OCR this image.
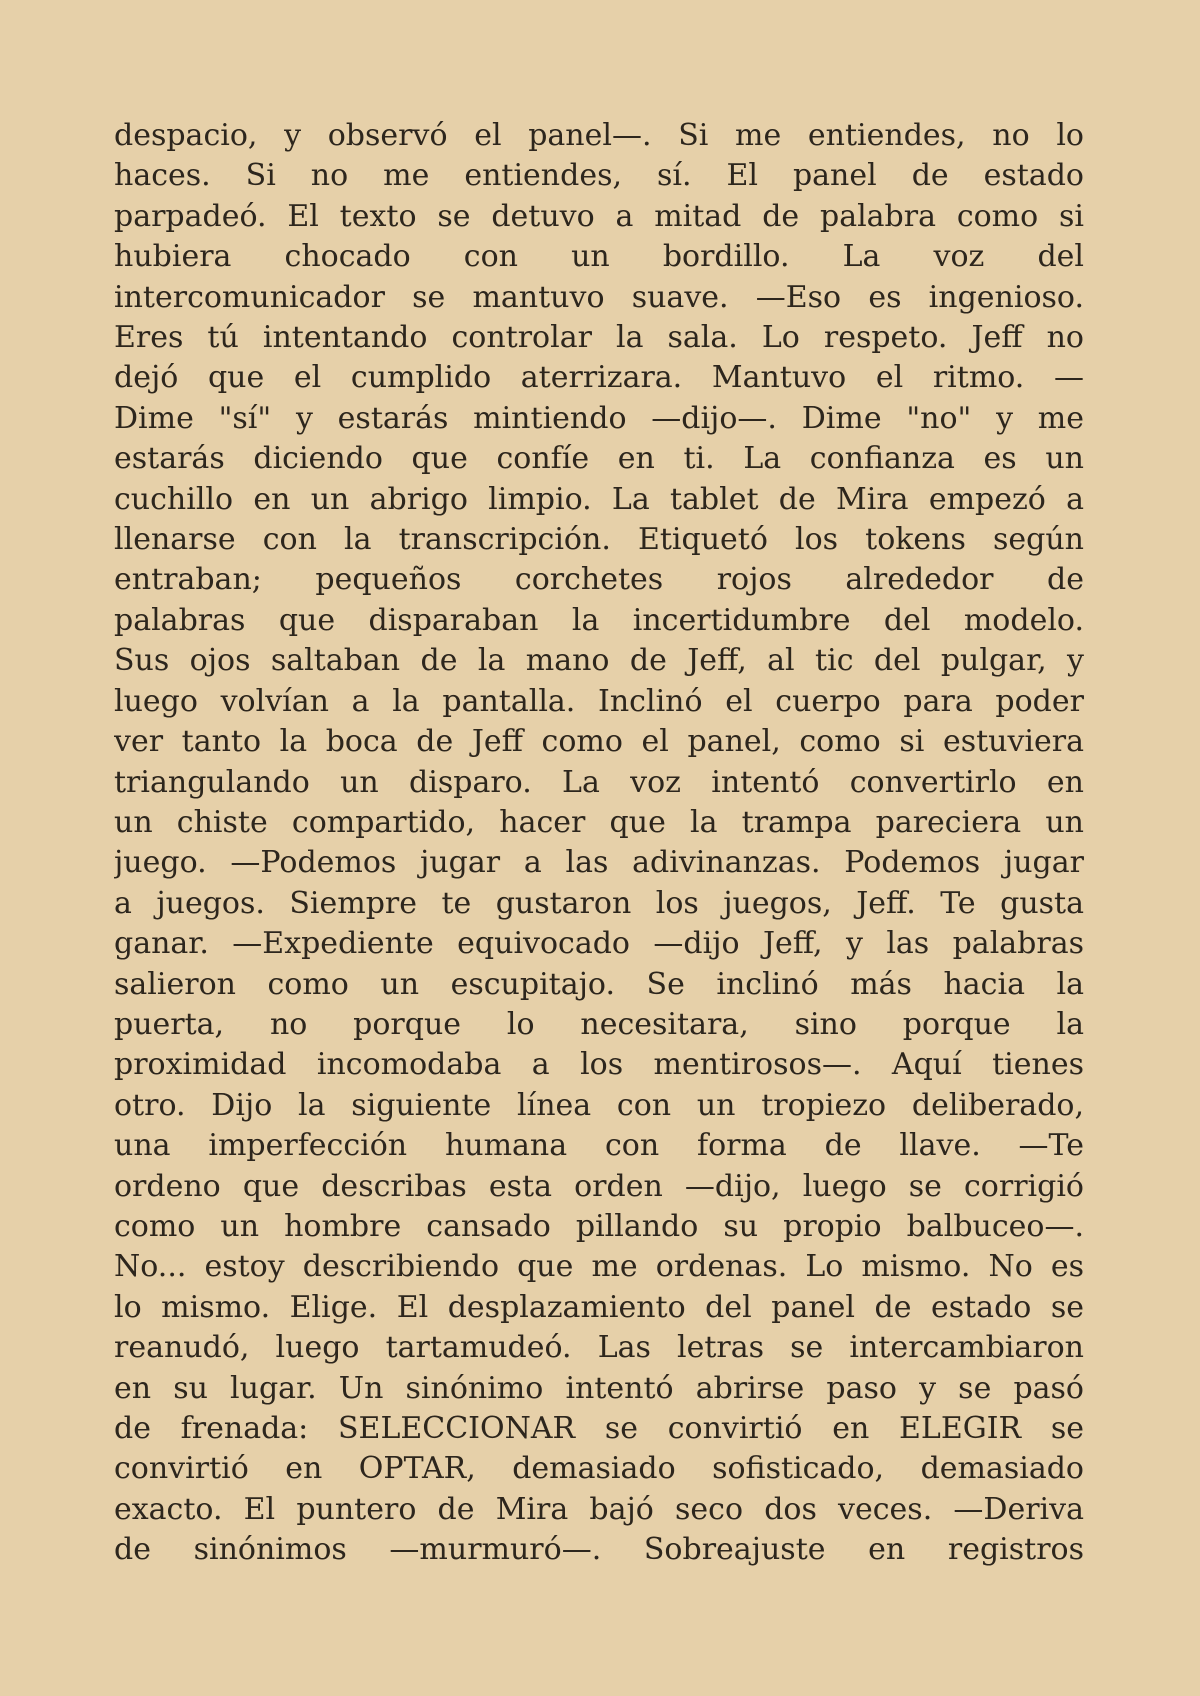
despacio, y observó el panel—. Si me entiendes, no lo
haces. Si no me entiendes, sí. El panel de estado
parpadeó. El texto se detuvo a mitad de palabra como si
hubiera chocado con un bordillo. La voz del
intercomunicador se mantuvo suave. —Eso es ingenioso.
Eres tú intentando controlar la sala. Lo respeto. Jeff no
dejó que el cumplido aterrizara. Mantuvo el ritmo. —
Dime "sí" y estarás mintiendo —dijo—. Dime "no" y me
estarás diciendo que confíe en ti. La confianza es un
cuchillo en un abrigo limpio. La tablet de Mira empezó a
llenarse con la transcripción. Etiquetó los tokens según
entraban; pequeños corchetes rojos alrededor de
palabras que disparaban la incertidumbre del modelo.
Sus ojos saltaban de la mano de Jeff, al tic del pulgar, y
luego volvían a la pantalla. Inclinó el cuerpo para poder
ver tanto la boca de Jeff como el panel, como si estuviera
triangulando un disparo. La voz intentó convertirlo en
un chiste compartido, hacer que la trampa pareciera un
juego. —Podemos jugar a las adivinanzas. Podemos jugar
a juegos. Siempre te gustaron los juegos, Jeff. Te gusta
ganar. —Expediente equivocado —dijo Jeff, y las palabras
salieron como un escupitajo. Se inclinó más hacia la
puerta, no porque lo necesitara, sino porque la
proximidad incomodaba a los mentirosos—. Aquí tienes
otro. Dijo la siguiente línea con un tropiezo deliberado,
una imperfección humana con forma de llave. —Te
ordeno que describas esta orden —dijo, luego se corrigió
como un hombre cansado pillando su propio balbuceo—.
No... estoy describiendo que me ordenas. Lo mismo. No es
lo mismo. Elige. El desplazamiento del panel de estado se
reanudó, luego tartamudeó. Las letras se intercambiaron
en su lugar. Un sinónimo intentó abrirse paso y se pasó
de frenada: SELECCIONAR se convirtió en ELEGIR se
convirtió en OPTAR, demasiado sofisticado, demasiado
exacto. El puntero de Mira bajó seco dos veces. —Deriva
de sinónimos —murmuró—. Sobreajuste en registros
